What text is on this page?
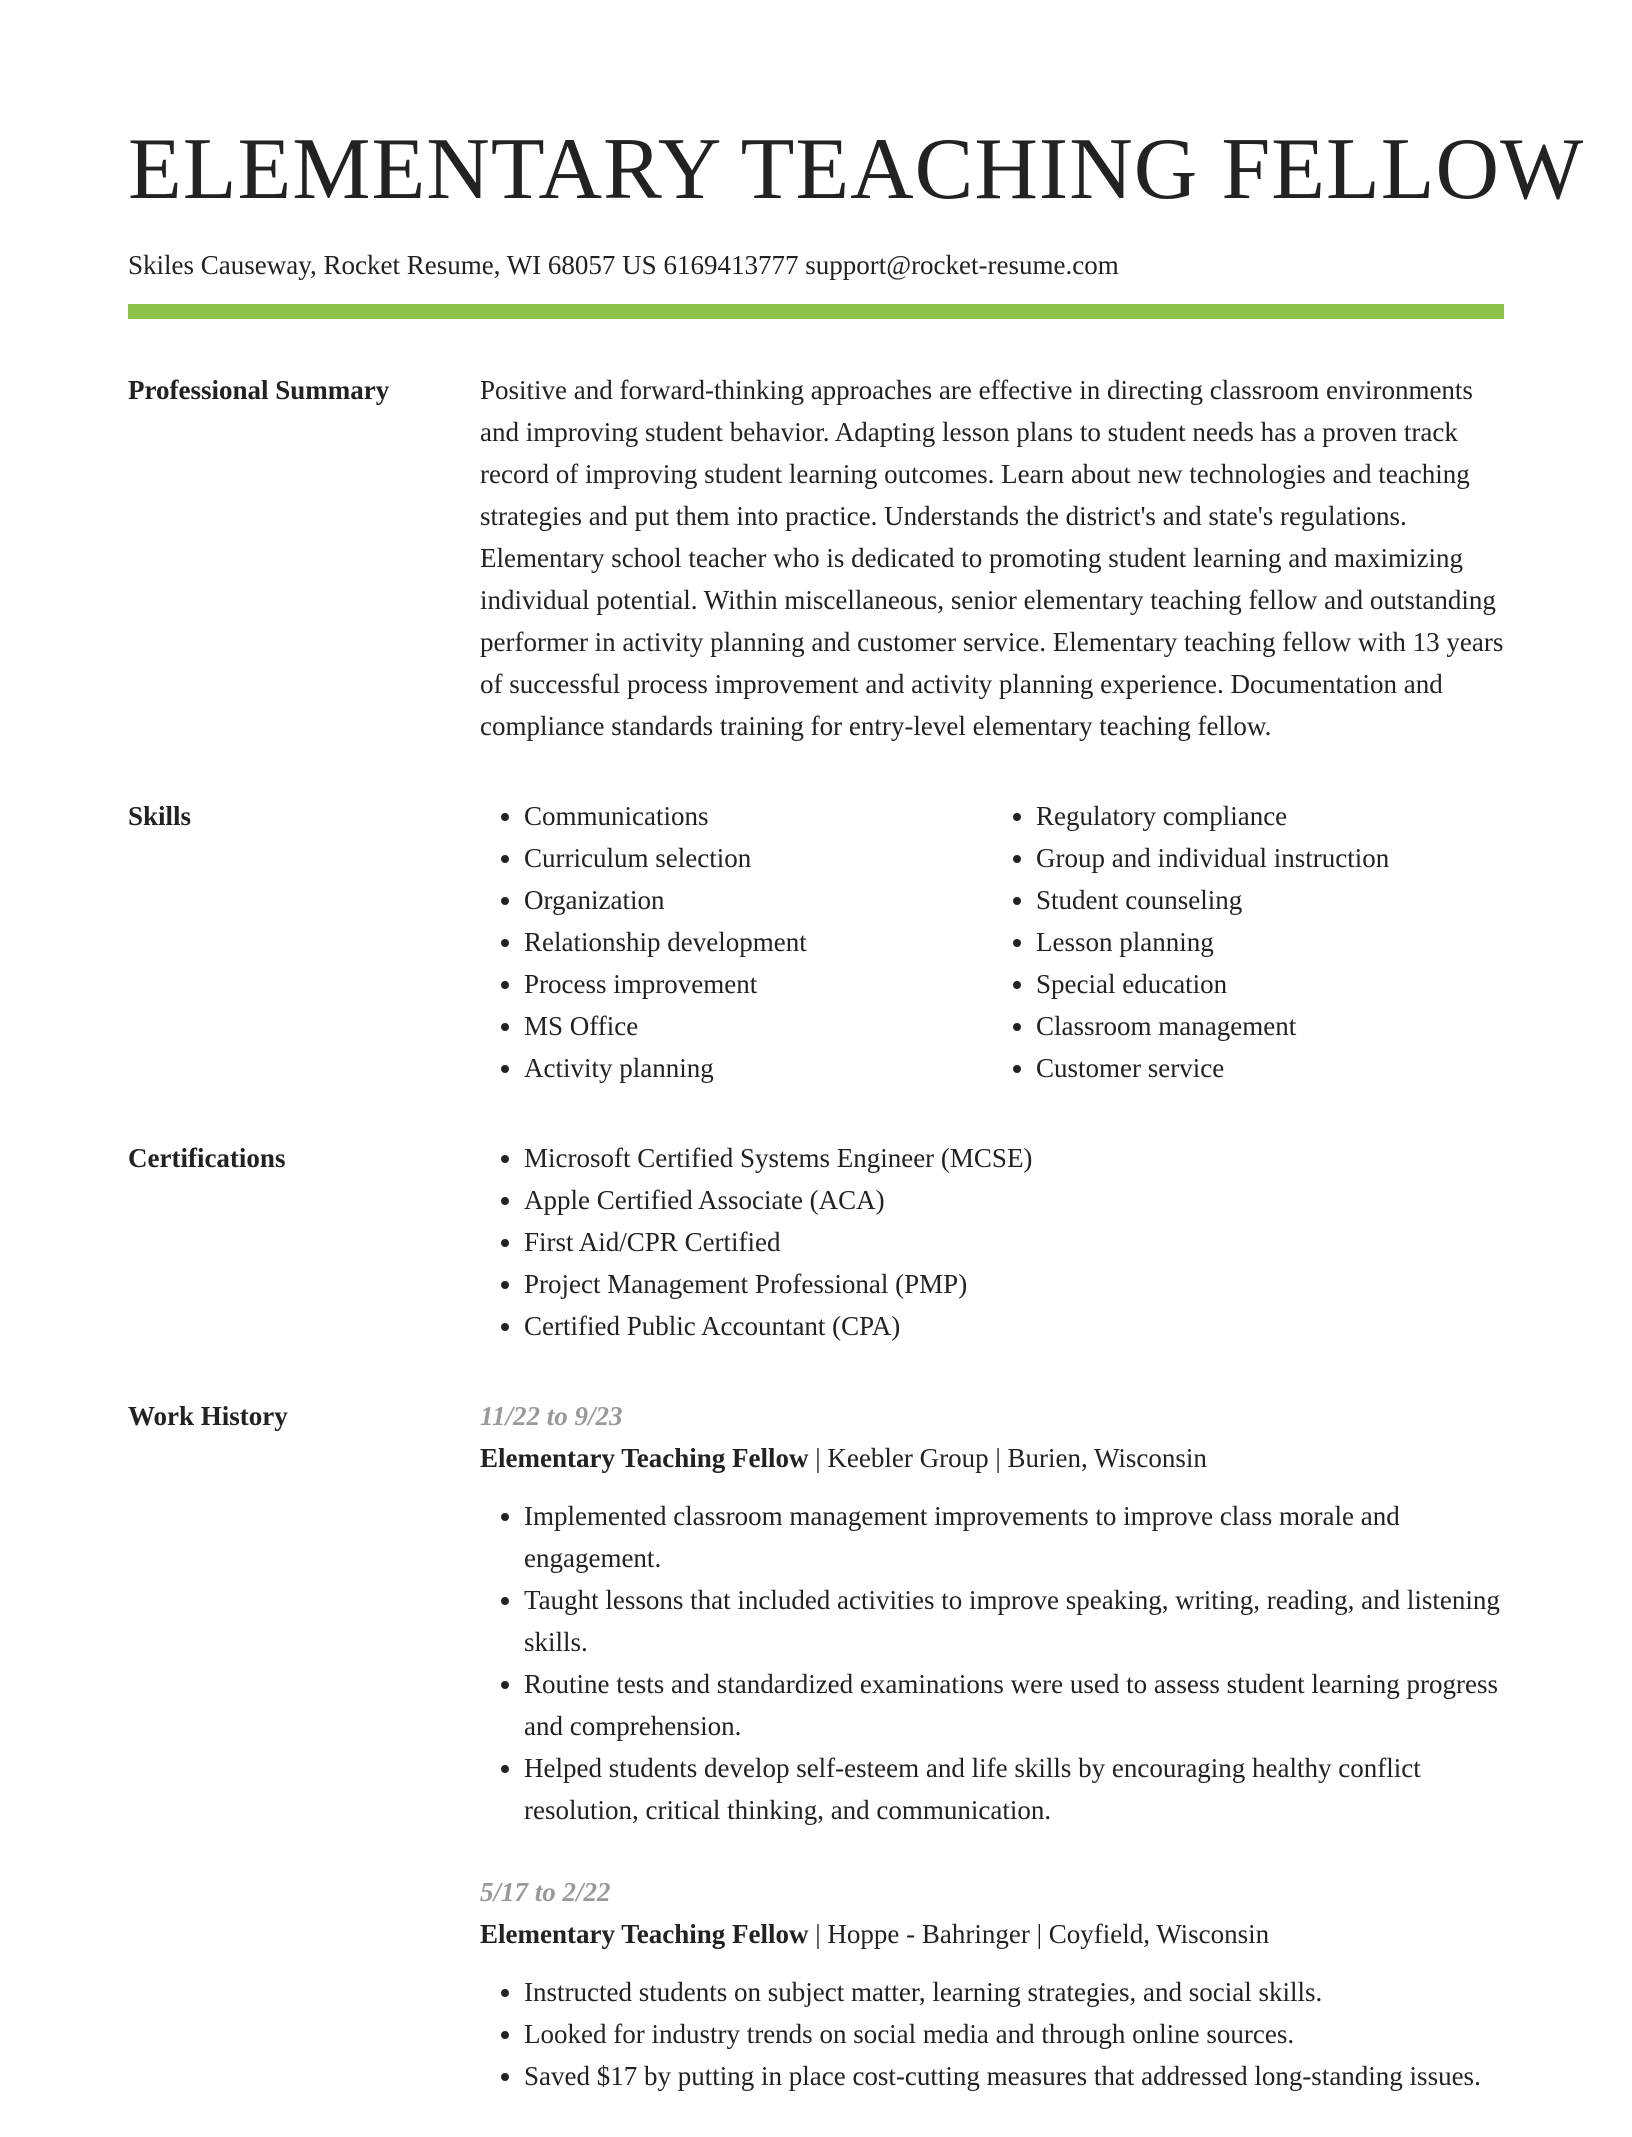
ELEMENTARY TEACHING FELLOW
Skiles Causeway, Rocket Resume, WI 68057 US 6169413777 support@rocket-resume.com
Professional Summary	Positive and forward-thinking approaches are effective in directing classroom environments and improving student behavior. Adapting lesson plans to student needs has a proven track record of improving student learning outcomes. Learn about new technologies and teaching strategies and put them into practice. Understands the district's and state's regulations. Elementary school teacher who is dedicated to promoting student learning and maximizing individual potential. Within miscellaneous, senior elementary teaching fellow and outstanding performer in activity planning and customer service. Elementary teaching fellow with 13 years of successful process improvement and activity planning experience. Documentation and compliance standards training for entry-level elementary teaching fellow.

Skills	• Communications
• Curriculum selection
• Organization
• Relationship development
• Process improvement
• MS Office
• Activity planning
• Regulatory compliance
• Group and individual instruction
• Student counseling
• Lesson planning
• Special education
• Classroom management
• Customer service
Certifications	• Microsoft Certified Systems Engineer (MCSE)
• Apple Certified Associate (ACA)
• First Aid/CPR Certified
• Project Management Professional (PMP)
• Certified Public Accountant (CPA)
Work History	11/22 to 9/23
Elementary Teaching Fellow | Keebler Group | Burien, Wisconsin
• Implemented classroom management improvements to improve class morale and engagement.
• Taught lessons that included activities to improve speaking, writing, reading, and listening skills.
• Routine tests and standardized examinations were used to assess student learning progress and comprehension.
• Helped students develop self-esteem and life skills by encouraging healthy conflict resolution, critical thinking, and communication.
5/17 to 2/22
Elementary Teaching Fellow | Hoppe - Bahringer | Coyfield, Wisconsin
• Instructed students on subject matter, learning strategies, and social skills.
• Looked for industry trends on social media and through online sources.
• Saved $17 by putting in place cost-cutting measures that addressed long-standing issues.
